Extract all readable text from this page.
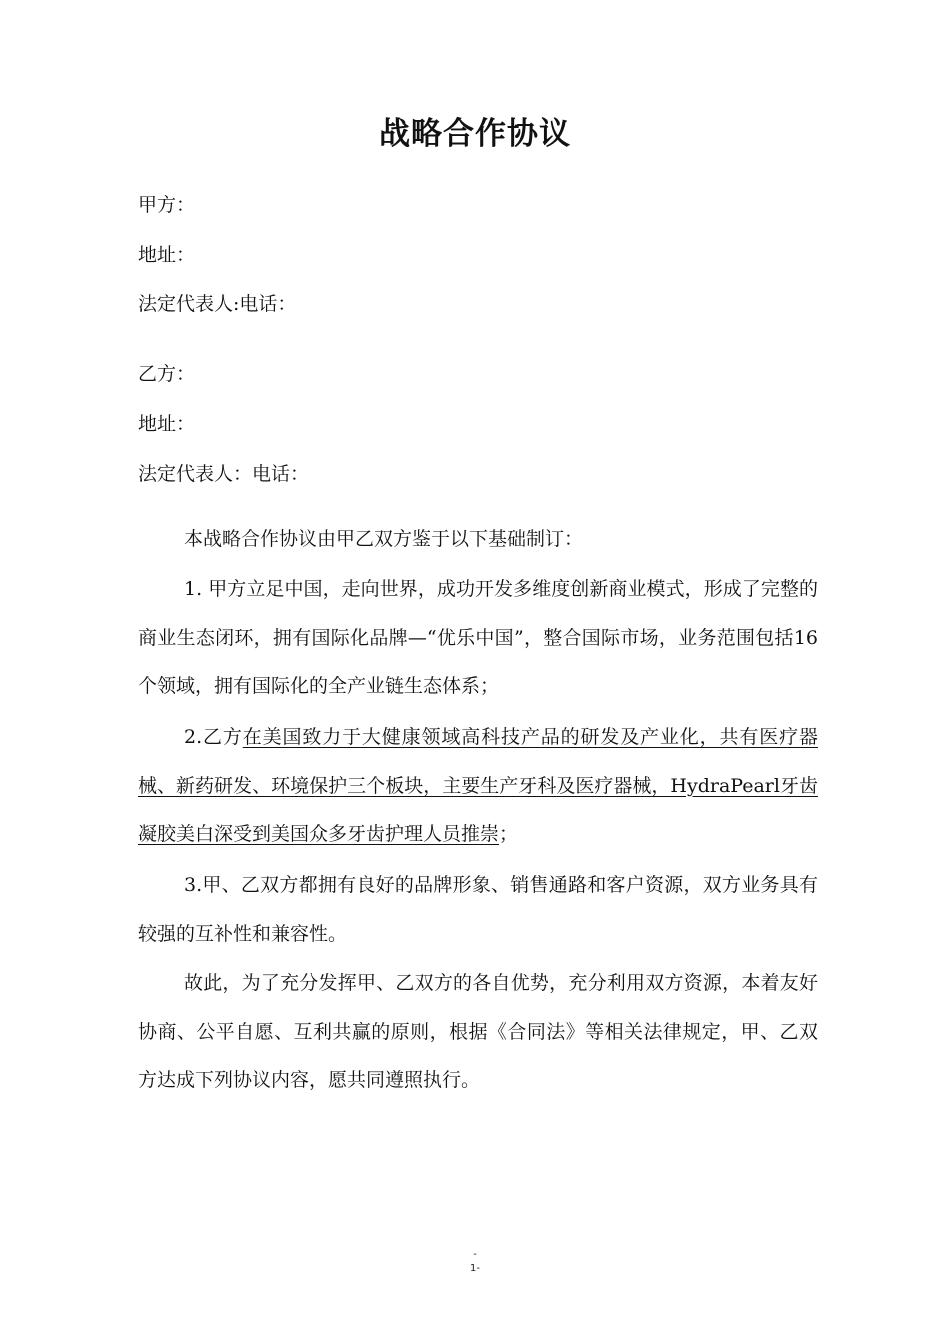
战略合作协议
甲方：
地址：
法定代表人:电话：
乙方：
地址：
法定代表人：电话：
本战略合作协议由甲乙双方鉴于以下基础制订：
1. 甲方立足中国，走向世界，成功开发多维度创新商业模式，形成了完整的商业生态闭环，拥有国际化品牌—“优乐中国”，整合国际市场，业务范围包括16个领域，拥有国际化的全产业链生态体系；
2.乙方在美国致力于大健康领域高科技产品的研发及产业化，共有医疗器械、新药研发、环境保护三个板块，主要生产牙科及医疗器械，HydraPearl牙齿凝胶美白深受到美国众多牙齿护理人员推崇；
3.甲、乙双方都拥有良好的品牌形象、销售通路和客户资源，双方业务具有较强的互补性和兼容性。
故此，为了充分发挥甲、乙双方的各自优势，充分利用双方资源，本着友好协商、公平自愿、互利共赢的原则，根据《合同法》等相关法律规定，甲、乙双方达成下列协议内容，愿共同遵照执行。
-
1-
